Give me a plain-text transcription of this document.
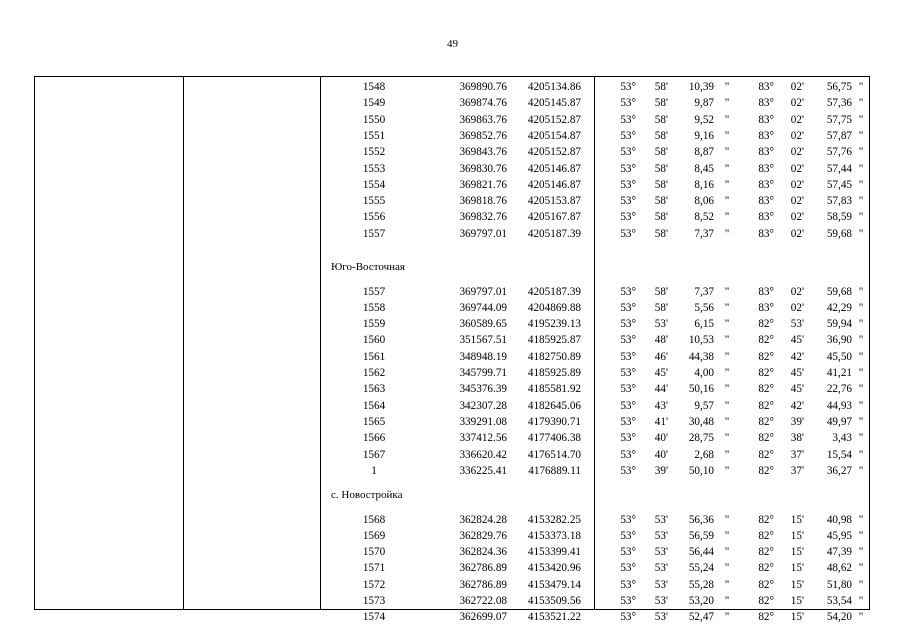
49
1548	369890.76	4205134.86	53°	58'	10,39 "	83°	02'	56,75 "
1549	369874.76	4205145.87	53°	58'	9,87 "	83°	02'	57,36 "
1550	369863.76	4205152.87	53°	58'	9,52 "	83°	02'	57,75 "
1551	369852.76	4205154.87	53°	58'	9,16 "	83°	02'	57,87 "
1552	369843.76	4205152.87	53°	58'	8,87 "	83°	02'	57,76 "
1553	369830.76	4205146.87	53°	58'	8,45 "	83°	02'	57,44 "
1554	369821.76	4205146.87	53°	58'	8,16 "	83°	02'	57,45 "
1555	369818.76	4205153.87	53°	58'	8,06 "	83°	02'	57,83 "
1556	369832.76	4205167.87	53°	58'	8,52 "	83°	02'	58,59 "
1557	369797.01	4205187.39	53°	58'	7,37 "	83°	02'	59,68 "
Юго-Восточная
1557	369797.01	4205187.39	53°	58'	7,37 "	83°	02'	59,68 "
1558	369744.09	4204869.88	53°	58'	5,56 "	83°	02'	42,29 "
1559	360589.65	4195239.13	53°	53'	6,15 "	82°	53'	59,94 "
1560	351567.51	4185925.87	53°	48'	10,53 "	82°	45'	36,90 "
1561	348948.19	4182750.89	53°	46'	44,38 "	82°	42'	45,50 "
1562	345799.71	4185925.89	53°	45'	4,00 "	82°	45'	41,21 "
1563	345376.39	4185581.92	53°	44'	50,16 "	82°	45'	22,76 "
1564	342307.28	4182645.06	53°	43'	9,57 "	82°	42'	44,93 "
1565	339291.08	4179390.71	53°	41'	30,48 "	82°	39'	49,97 "
1566	337412.56	4177406.38	53°	40'	28,75 "	82°	38'	3,43 "
1567	336620.42	4176514.70	53°	40'	2,68 "	82°	37'	15,54 "
1	336225.41	4176889.11	53°	39'	50,10 "	82°	37'	36,27 "
с. Новостройка
1568	362824.28	4153282.25	53°	53'	56,36 "	82°	15'	40,98 "
1569	362829.76	4153373.18	53°	53'	56,59 "	82°	15'	45,95 "
1570	362824.36	4153399.41	53°	53'	56,44 "	82°	15'	47,39 "
1571	362786.89	4153420.96	53°	53'	55,24 "	82°	15'	48,62 "
1572	362786.89	4153479.14	53°	53'	55,28 "	82°	15'	51,80 "
1573	362722.08	4153509.56	53°	53'	53,20 "	82°	15'	53,54 "
1574	362699.07	4153521.22	53°	53'	52,47 "	82°	15'	54,20 "
